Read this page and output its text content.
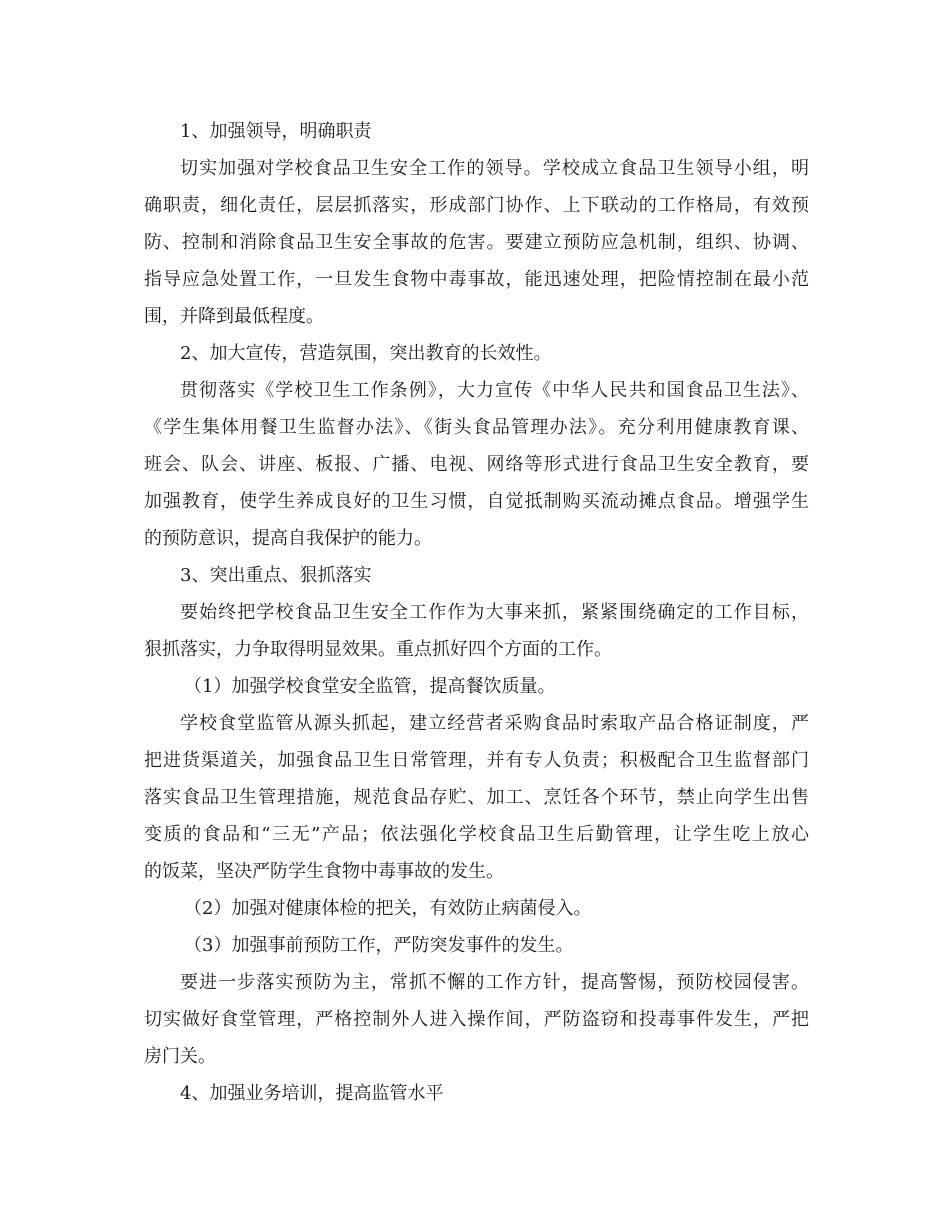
1、加强领导，明确职责
切实加强对学校食品卫生安全工作的领导。学校成立食品卫生领导小组，明
确职责，细化责任，层层抓落实，形成部门协作、上下联动的工作格局，有效预
防、控制和消除食品卫生安全事故的危害。要建立预防应急机制，组织、协调、
指导应急处置工作，一旦发生食物中毒事故，能迅速处理，把险情控制在最小范
围，并降到最低程度。
2、加大宣传，营造氛围，突出教育的长效性。
贯彻落实《学校卫生工作条例》，大力宣传《中华人民共和国食品卫生法》、
《学生集体用餐卫生监督办法》、《街头食品管理办法》。充分利用健康教育课、
班会、队会、讲座、板报、广播、电视、网络等形式进行食品卫生安全教育，要
加强教育，使学生养成良好的卫生习惯，自觉抵制购买流动摊点食品。增强学生
的预防意识，提高自我保护的能力。
3、突出重点、狠抓落实
要始终把学校食品卫生安全工作作为大事来抓，紧紧围绕确定的工作目标，
狠抓落实，力争取得明显效果。重点抓好四个方面的工作。
（1）加强学校食堂安全监管，提高餐饮质量。
学校食堂监管从源头抓起，建立经营者采购食品时索取产品合格证制度，严
把进货渠道关，加强食品卫生日常管理，并有专人负责；积极配合卫生监督部门
落实食品卫生管理措施，规范食品存贮、加工、烹饪各个环节，禁止向学生出售
变质的食品和“三无”产品；依法强化学校食品卫生后勤管理，让学生吃上放心
的饭菜，坚决严防学生食物中毒事故的发生。
（2）加强对健康体检的把关，有效防止病菌侵入。
（3）加强事前预防工作，严防突发事件的发生。
要进一步落实预防为主，常抓不懈的工作方针，提高警惕，预防校园侵害。
切实做好食堂管理，严格控制外人进入操作间，严防盗窃和投毒事件发生，严把
房门关。
4、加强业务培训，提高监管水平
